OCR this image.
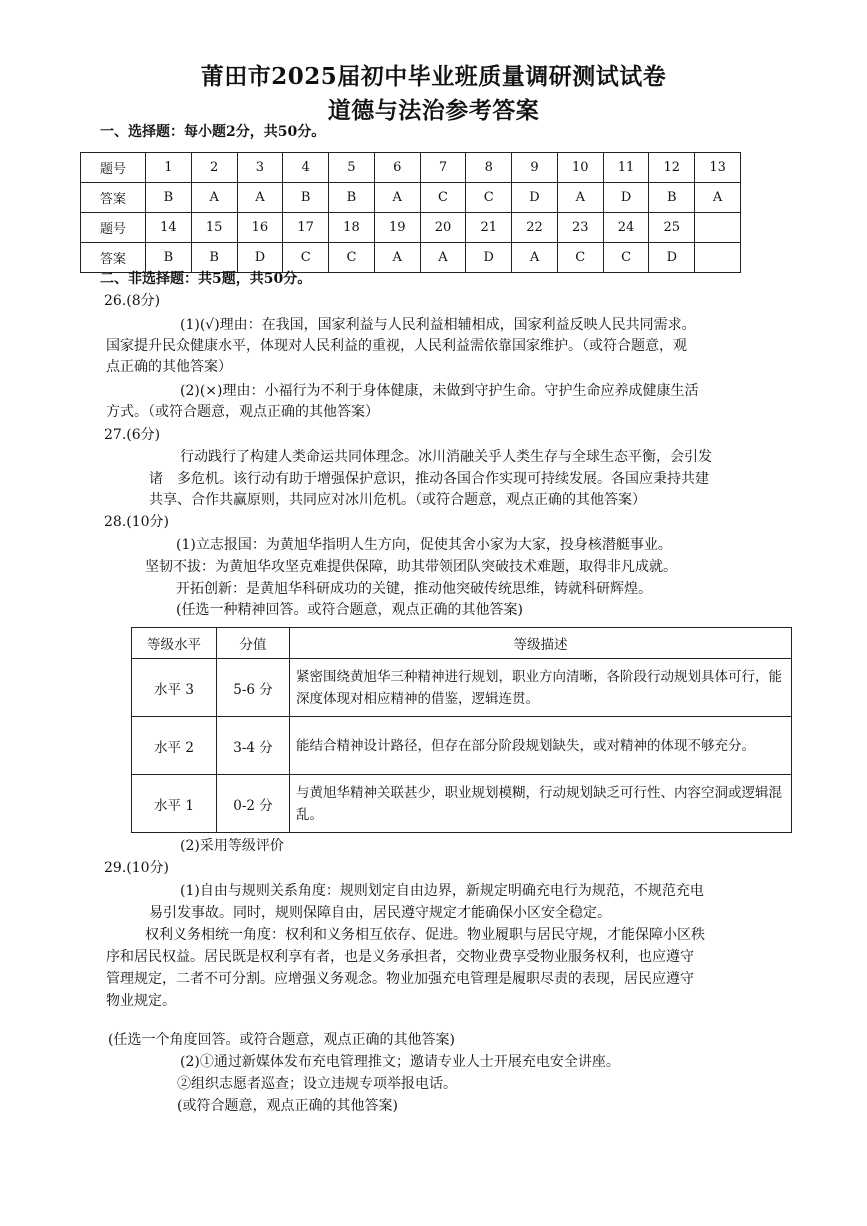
莆田市2025届初中毕业班质量调研测试试卷
道德与法治参考答案
一、选择题：每小题2分，共50分。
题号	1	2	3	4	5	6	7	8	9	10	11	12	13
答案	B	A	A	B	B	A	C	C	D	A	D	B	A
题号	14	15	16	17	18	19	20	21	22	23	24	25	
答案	B	B	D	C	C	A	A	D	A	C	C	D	
二、非选择题：共5题，共50分。
26.(8分)
(1)(√)理由：在我国，国家利益与人民利益相辅相成，国家利益反映人民共同需求。
国家提升民众健康水平，体现对人民利益的重视，人民利益需依靠国家维护。（或符合题意，观
点正确的其他答案）
(2)(×)理由：小福行为不利于身体健康，未做到守护生命。守护生命应养成健康生活
方式。（或符合题意，观点正确的其他答案）
27.(6分)
行动践行了构建人类命运共同体理念。冰川消融关乎人类生存与全球生态平衡，会引发
诸　多危机。该行动有助于增强保护意识，推动各国合作实现可持续发展。各国应秉持共建
共享、合作共赢原则，共同应对冰川危机。（或符合题意，观点正确的其他答案）
28.(10分)
(1)立志报国：为黄旭华指明人生方向，促使其舍小家为大家，投身核潜艇事业。
坚韧不拔：为黄旭华攻坚克难提供保障，助其带领团队突破技术难题，取得非凡成就。
开拓创新：是黄旭华科研成功的关键，推动他突破传统思维，铸就科研辉煌。
(任选一种精神回答。或符合题意，观点正确的其他答案)
等级水平	分值	等级描述
水平 3	5-6 分	紧密围绕黄旭华三种精神进行规划，职业方向清晰，各阶段行动规划具体可行，能深度体现对相应精神的借鉴，逻辑连贯。
水平 2	3-4 分	能结合精神设计路径，但存在部分阶段规划缺失，或对精神的体现不够充分。
水平 1	0-2 分	与黄旭华精神关联甚少，职业规划模糊，行动规划缺乏可行性、内容空洞或逻辑混乱。
(2)采用等级评价
29.(10分)
(1)自由与规则关系角度：规则划定自由边界，新规定明确充电行为规范，不规范充电
易引发事故。同时，规则保障自由，居民遵守规定才能确保小区安全稳定。
权利义务相统一角度：权利和义务相互依存、促进。物业履职与居民守规，才能保障小区秩
序和居民权益。居民既是权利享有者，也是义务承担者，交物业费享受物业服务权利，也应遵守
管理规定，二者不可分割。应增强义务观念。物业加强充电管理是履职尽责的表现，居民应遵守
物业规定。
(任选一个角度回答。或符合题意，观点正确的其他答案)
(2)①通过新媒体发布充电管理推文；邀请专业人士开展充电安全讲座。
②组织志愿者巡查；设立违规专项举报电话。
(或符合题意，观点正确的其他答案)
